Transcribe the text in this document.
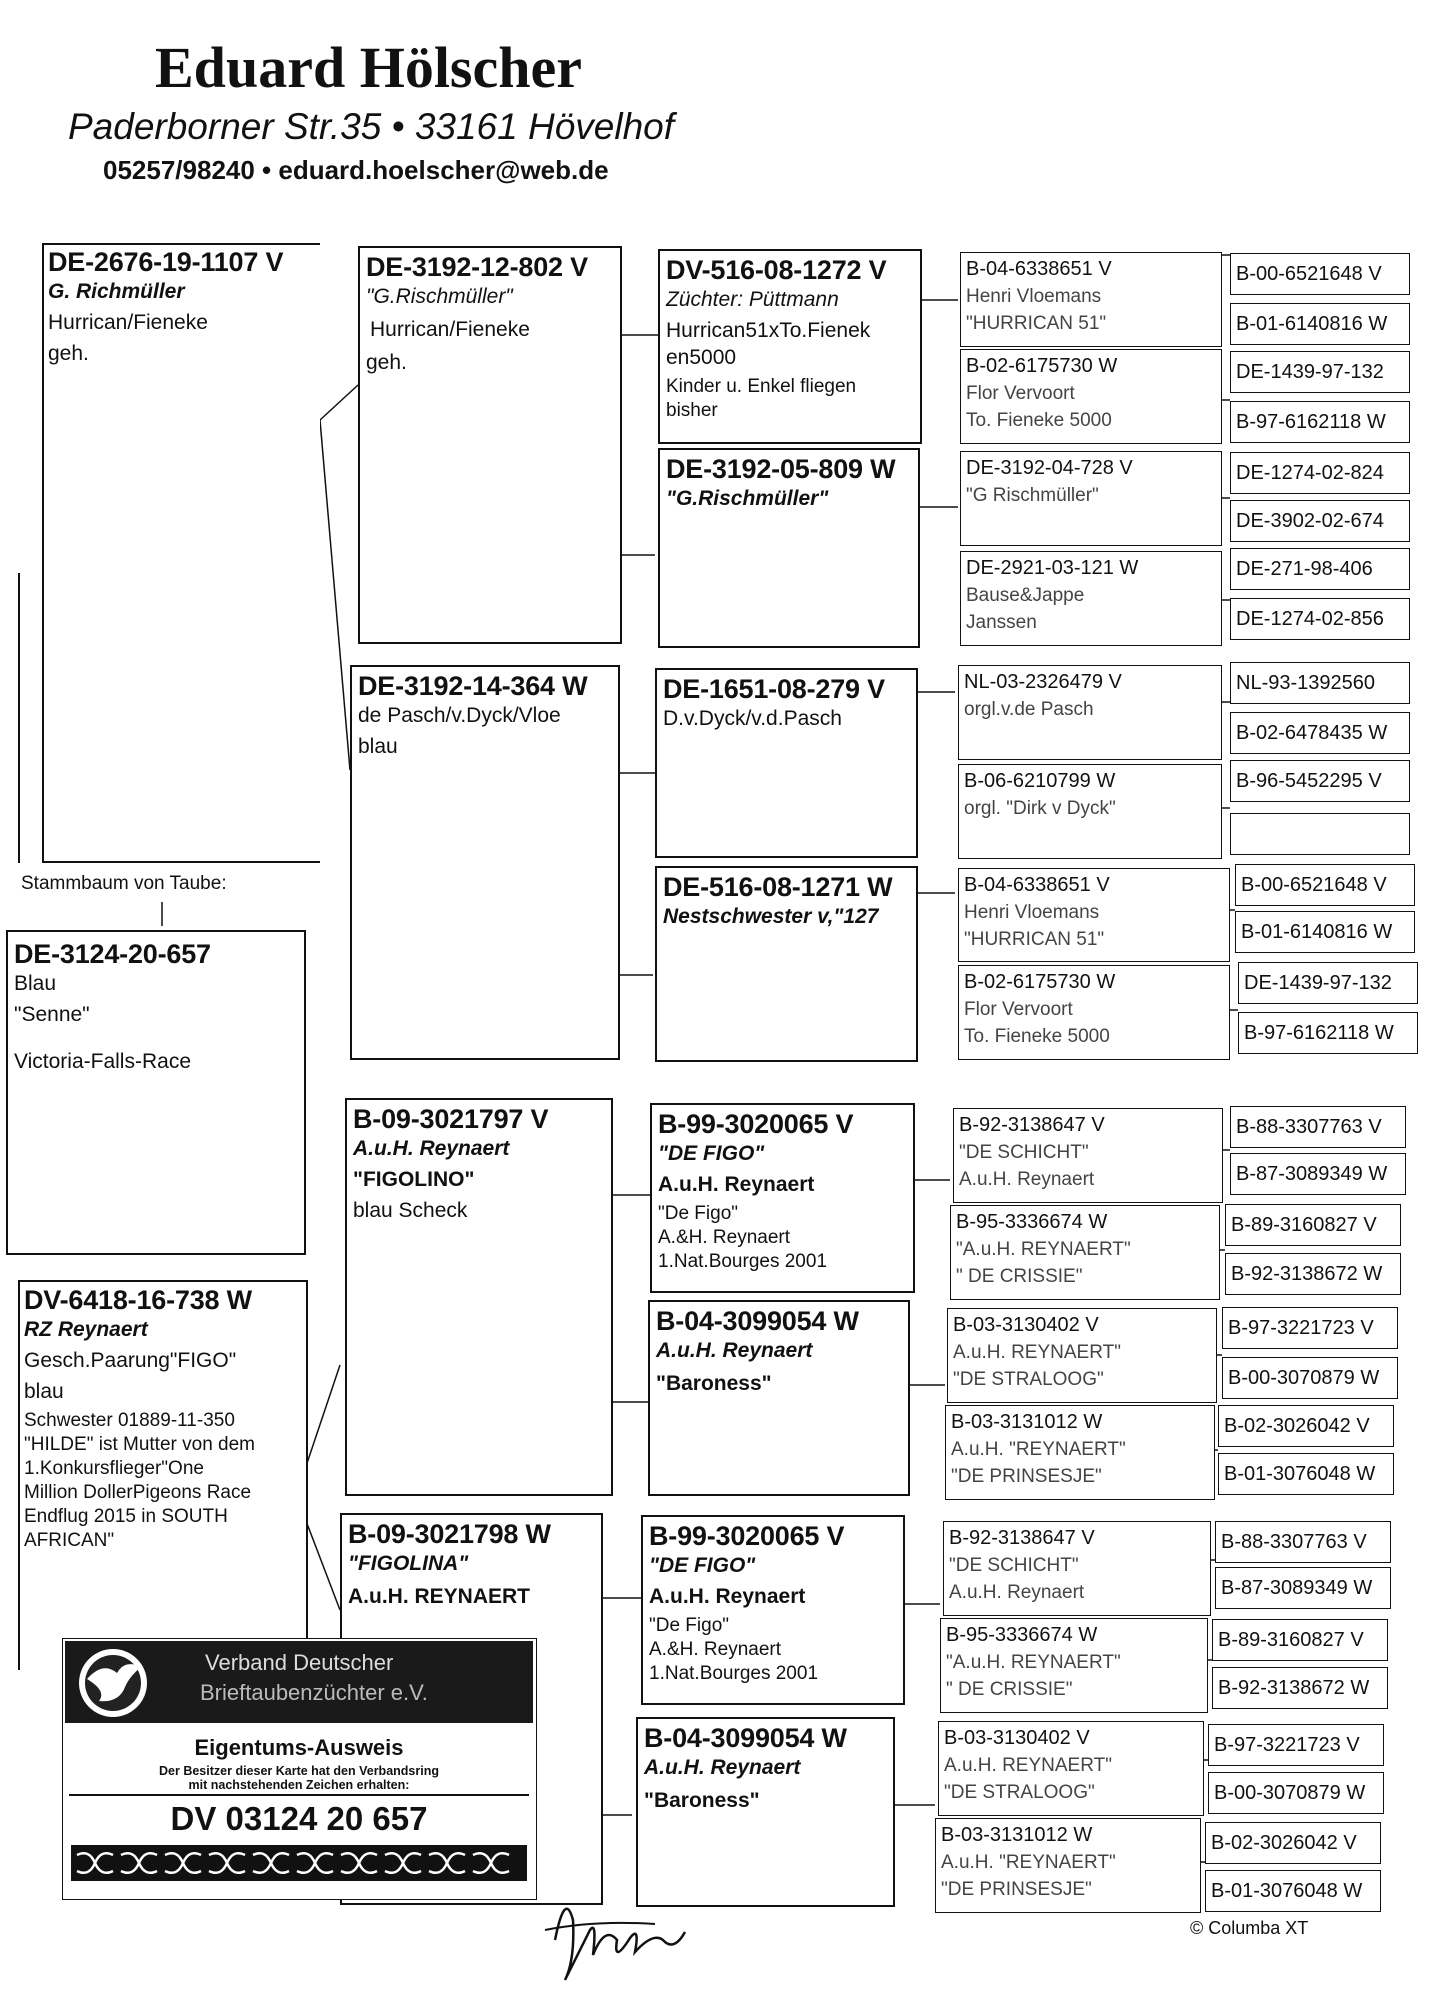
Eduard Hölscher
Paderborner Str.35 • 33161 Hövelhof
05257/98240 • eduard.hoelscher@web.de
DE-2676-19-1107 V
G. Richmüller
Hurrican/Fieneke
geh.
Stammbaum von Taube:
DE-3124-20-657
Blau
"Senne"
Victoria-Falls-Race
DV-6418-16-738 W
RZ Reynaert
Gesch.Paarung"FIGO"
blau
Schwester 01889-11-350
"HILDE" ist Mutter von dem
1.Konkursflieger"One
Million DollerPigeons Race
Endflug 2015 in SOUTH
AFRICAN"
DE-3192-12-802 V
"G.Rischmüller"
Hurrican/Fieneke
geh.
DE-3192-14-364 W
de Pasch/v.Dyck/Vloe
blau
B-09-3021797 V
A.u.H. Reynaert
"FIGOLINO"
blau Scheck
B-09-3021798 W
"FIGOLINA"
A.u.H. REYNAERT
DV-516-08-1272 V
Züchter: Püttmann
Hurrican51xTo.Fienek
en5000
Kinder u. Enkel fliegen
bisher
DE-3192-05-809 W
"G.Rischmüller"
DE-1651-08-279 V
D.v.Dyck/v.d.Pasch
DE-516-08-1271 W
Nestschwester v,"127
B-99-3020065 V
"DE FIGO"
A.u.H. Reynaert
"De Figo"
A.&H. Reynaert
1.Nat.Bourges 2001
B-04-3099054 W
A.u.H. Reynaert
"Baroness"
B-99-3020065 V
"DE FIGO"
A.u.H. Reynaert
"De Figo"
A.&H. Reynaert
1.Nat.Bourges 2001
B-04-3099054 W
A.u.H. Reynaert
"Baroness"
B-04-6338651 V
Henri Vloemans
"HURRICAN 51"
B-02-6175730 W
Flor Vervoort
To. Fieneke 5000
DE-3192-04-728 V
"G Rischmüller"
DE-2921-03-121 W
Bause&Jappe
Janssen
NL-03-2326479 V
orgl.v.de Pasch
B-06-6210799 W
orgl. "Dirk v Dyck"
B-04-6338651 V
Henri Vloemans
"HURRICAN 51"
B-02-6175730 W
Flor Vervoort
To. Fieneke 5000
B-92-3138647 V
"DE SCHICHT"
A.u.H. Reynaert
B-95-3336674 W
"A.u.H. REYNAERT"
" DE CRISSIE"
B-03-3130402 V
A.u.H. REYNAERT"
"DE STRALOOG"
B-03-3131012 W
A.u.H. "REYNAERT"
"DE PRINSESJE"
B-92-3138647 V
"DE SCHICHT"
A.u.H. Reynaert
B-95-3336674 W
"A.u.H. REYNAERT"
" DE CRISSIE"
B-03-3130402 V
A.u.H. REYNAERT"
"DE STRALOOG"
B-03-3131012 W
A.u.H. "REYNAERT"
"DE PRINSESJE"
B-00-6521648 V
B-01-6140816 W
DE-1439-97-132
B-97-6162118 W
DE-1274-02-824
DE-3902-02-674
DE-271-98-406
DE-1274-02-856
NL-93-1392560
B-02-6478435 W
B-96-5452295 V
B-00-6521648 V
B-01-6140816 W
DE-1439-97-132
B-97-6162118 W
B-88-3307763 V
B-87-3089349 W
B-89-3160827 V
B-92-3138672 W
B-97-3221723 V
B-00-3070879 W
B-02-3026042 V
B-01-3076048 W
B-88-3307763 V
B-87-3089349 W
B-89-3160827 V
B-92-3138672 W
B-97-3221723 V
B-00-3070879 W
B-02-3026042 V
B-01-3076048 W
Verband Deutscher
Brieftaubenzüchter e.V.
Eigentums-Ausweis
Der Besitzer dieser Karte hat den Verbandsring
mit nachstehenden Zeichen erhalten:
DV 03124 20 657
© Columba XT
